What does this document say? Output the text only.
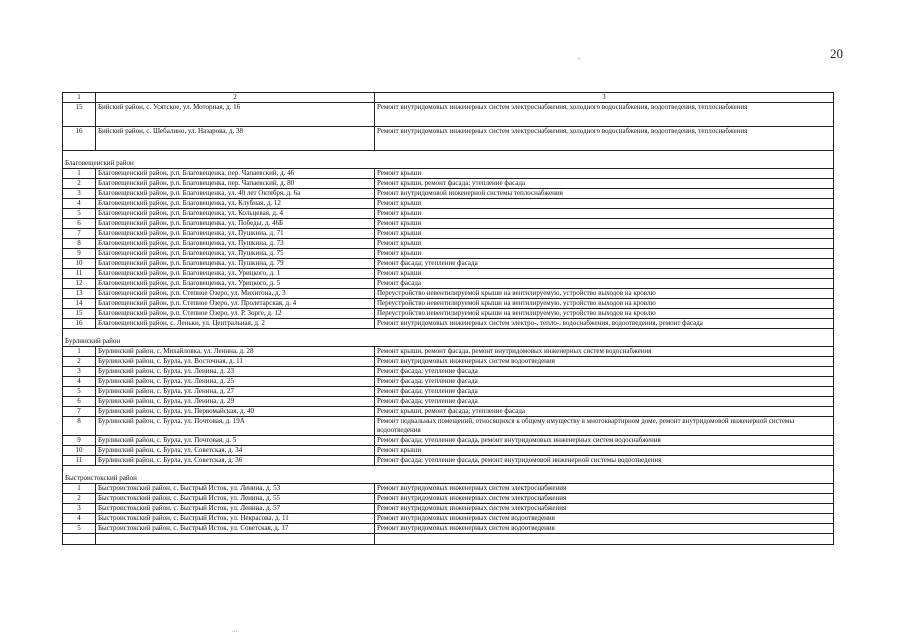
20
-
1	2	3
15	Бийский район, с. Усятское, ул. Моторная, д. 16	Ремонт внутридомовых инженерных систем электроснабжения, холодного водоснабжения, водоотведения, теплоснабжения
16	Бийский район, с. Шебалино, ул. Назарова, д. 38	Ремонт внутридомовых инженерных систем электроснабжения, холодного водоснабжения, водоотведения, теплоснабжения
Благовещенский район		
1	Благовещенский район, р.п. Благовещенка, пер. Чапаевский, д. 46	Ремонт крыши
2	Благовещенский район, р.п. Благовещенка, пер. Чапаевский, д. 80	Ремонт крыши, ремонт фасада; утепление фасада
3	Благовещенский район, р.п. Благовещенка, ул. 40 лет Октября, д. 6а	Ремонт внутридомовой инженерной системы теплоснабжения
4	Благовещенский район, р.п. Благовещенка, ул. Клубная, д. 12	Ремонт крыши
5	Благовещенский район, р.п. Благовещенка, ул. Кольцевая, д. 4	Ремонт крыши
6	Благовещенский район, р.п. Благовещенка, ул. Победы, д. 46Б	Ремонт крыши
7	Благовещенский район, р.п. Благовещенка, ул. Пушкина, д. 71	Ремонт крыши
8	Благовещенский район, р.п. Благовещенка, ул. Пушкина, д. 73	Ремонт крыши
9	Благовещенский район, р.п. Благовещенка, ул. Пушкина, д. 75	Ремонт крыши
10	Благовещенский район, р.п. Благовещенка, ул. Пушкина, д. 79	Ремонт фасада; утепление фасада
11	Благовещенский район, р.п. Благовещенка, ул. Урицкого, д. 1	Ремонт крыши
12	Благовещенский район, р.п. Благовещенка, ул. Урицкого, д. 5	Ремонт фасада
13	Благовещенский район, р.п. Степное Озеро, ул. Михитона, д. 3	Переустройство невентилируемой крыши на вентилируемую, устройство выходов на кровлю
14	Благовещенский район, р.п. Степное Озеро, ул. Пролетарская, д. 4	Переустройство невентилируемой крыши на вентилируемую, устройство выходов на кровлю
15	Благовещенский район, р.п. Степное Озеро, ул. Р. Зорге, д. 12	Переустройство невентилируемой крыши на вентилируемую, устройство выходов на кровлю
16	Благовещенский район, с. Леньки, ул. Центральная, д. 2	Ремонт внутридомовых инженерных систем электро-, тепло-, водоснабжения, водоотведения, ремонт фасада
Бурлинский район		
1	Бурлинский район, с. Михайловка, ул. Ленина, д. 28	Ремонт крыши, ремонт фасада, ремонт внутридомовых инженерных систем водоснабжения
2	Бурлинский район, с. Бурла, ул. Восточная, д. 11	Ремонт внутридомовых инженерных систем водоотведения
3	Бурлинский район, с. Бурла, ул. Ленина, д. 23	Ремонт фасада; утепление фасада
4	Бурлинский район, с. Бурла, ул. Ленина, д. 25	Ремонт фасада; утепление фасада
5	Бурлинский район, с. Бурла, ул. Ленина, д. 27	Ремонт фасада; утепление фасада
6	Бурлинский район, с. Бурла, ул. Ленина, д. 29	Ремонт фасада; утепление фасада
7	Бурлинский район, с. Бурла, ул. Первомайская, д. 40	Ремонт крыши, ремонт фасада; утепление фасада
8	Бурлинский район, с. Бурла, ул. Почтовая, д. 19А	Ремонт подвальных помещений, относящихся к общему имуществу в многоквартирном доме, ремонт внутридомовой инженерной системы водоотведения
9	Бурлинский район, с. Бурла, ул. Почтовая, д. 5	Ремонт фасада; утепление фасада, ремонт внутридомовых инженерных систем водоснабжения
10	Бурлинский район, с. Бурла, ул. Советская, д. 34	Ремонт крыши
11	Бурлинский район, с. Бурла, ул. Советская, д. 36	Ремонт фасада; утепление фасада, ремонт внутридомовой инженерной системы водоотведения
Быстроистокский район		
1	Быстроистокский район, с. Быстрый Исток, ул. Ленина, д. 53	Ремонт внутридомовых инженерных систем электроснабжения
2	Быстроистокский район, с. Быстрый Исток, ул. Ленина, д. 55	Ремонт внутридомовых инженерных систем электроснабжения
3	Быстроистокский район, с. Быстрый Исток, ул. Ленина, д. 57	Ремонт внутридомовых инженерных систем электроснабжения
4	Быстроистокский район, с. Быстрый Исток, ул. Некрасова, д. 11	Ремонт внутридомовых инженерных систем водоотведения
5	Быстроистокский район, с. Быстрый Исток, ул. Советская, д. 17	Ремонт внутридомовых инженерных систем водоотведения

...
